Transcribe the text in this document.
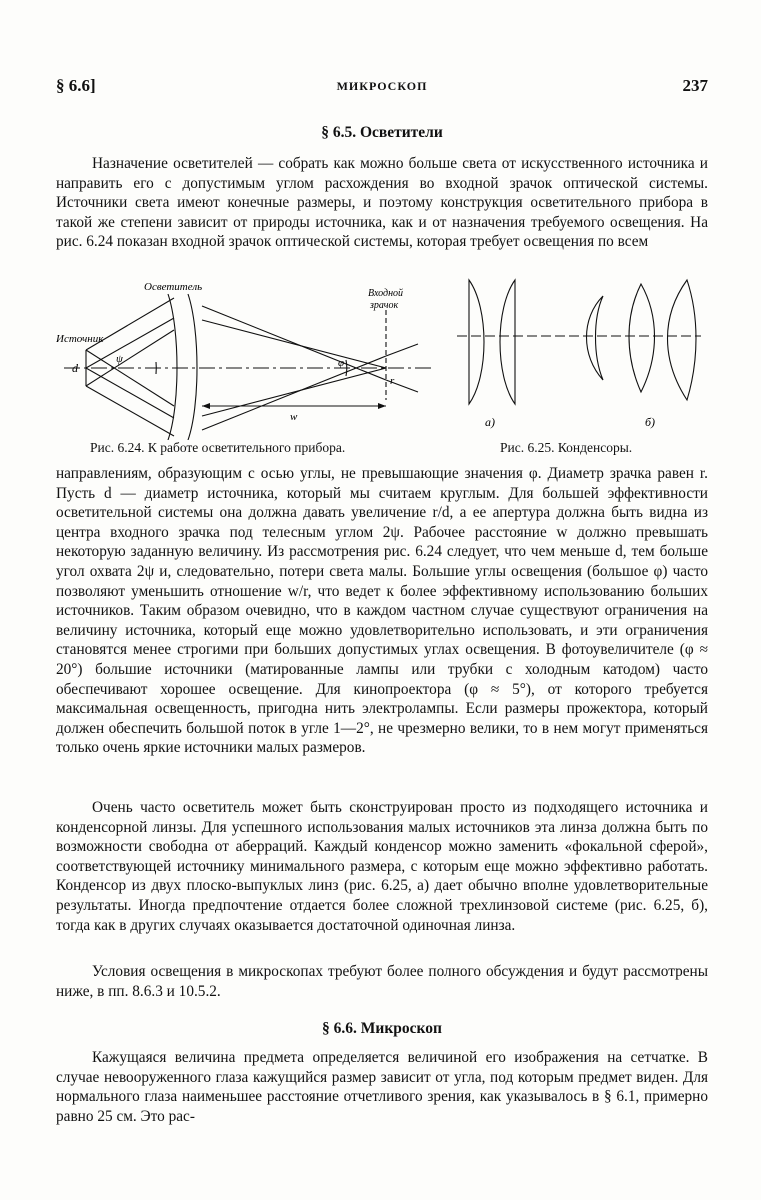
§ 6.6]	МИКРОСКОП	237
§ 6.5. Осветители

Назначение осветителей — собрать как можно больше света от искусственного источника и направить его с допустимым углом расхождения во входной зрачок оптической системы. Источники света имеют конечные размеры, и поэтому конструкция осветительного прибора в такой же степени зависит от природы источника, как и от назначения требуемого освещения. На рис. 6.24 показан входной зрачок оптической системы, которая требует освещения по всем

Осветитель
Источник
d
ψ	φ
Входной
зрачок
r
w
Рис. 6.24. К работе осветительного прибора.
а)	б)
Рис. 6.25. Конденсоры.

направлениям, образующим с осью углы, не превышающие значения φ. Диаметр зрачка равен r. Пусть d — диаметр источника, который мы считаем круглым. Для большей эффективности осветительной системы она должна давать увеличение r/d, а ее апертура должна быть видна из центра входного зрачка под телесным углом 2ψ. Рабочее расстояние w должно превышать некоторую заданную величину. Из рассмотрения рис. 6.24 следует, что чем меньше d, тем больше угол охвата 2ψ и, следовательно, потери света малы. Большие углы освещения (большое φ) часто позволяют уменьшить отношение w/r, что ведет к более эффективному использованию больших источников. Таким образом очевидно, что в каждом частном случае существуют ограничения на величину источника, который еще можно удовлетворительно использовать, и эти ограничения становятся менее строгими при больших допустимых углах освещения. В фотоувеличителе (φ ≈ 20°) большие источники (матированные лампы или трубки с холодным катодом) часто обеспечивают хорошее освещение. Для кинопроектора (φ ≈ 5°), от которого требуется максимальная освещенность, пригодна нить электролампы. Если размеры прожектора, который должен обеспечить большой поток в угле 1—2°, не чрезмерно велики, то в нем могут применяться только очень яркие источники малых размеров.

Очень часто осветитель может быть сконструирован просто из подходящего источника и конденсорной линзы. Для успешного использования малых источников эта линза должна быть по возможности свободна от аберраций. Каждый конденсор можно заменить «фокальной сферой», соответствующей источнику минимального размера, с которым еще можно эффективно работать. Конденсор из двух плоско-выпуклых линз (рис. 6.25, а) дает обычно вполне удовлетворительные результаты. Иногда предпочтение отдается более сложной трехлинзовой системе (рис. 6.25, б), тогда как в других случаях оказывается достаточной одиночная линза.

Условия освещения в микроскопах требуют более полного обсуждения и будут рассмотрены ниже, в пп. 8.6.3 и 10.5.2.

§ 6.6. Микроскоп

Кажущаяся величина предмета определяется величиной его изображения на сетчатке. В случае невооруженного глаза кажущийся размер зависит от угла, под которым предмет виден. Для нормального глаза наименьшее расстояние отчетливого зрения, как указывалось в § 6.1, примерно равно 25 см. Это рас-
